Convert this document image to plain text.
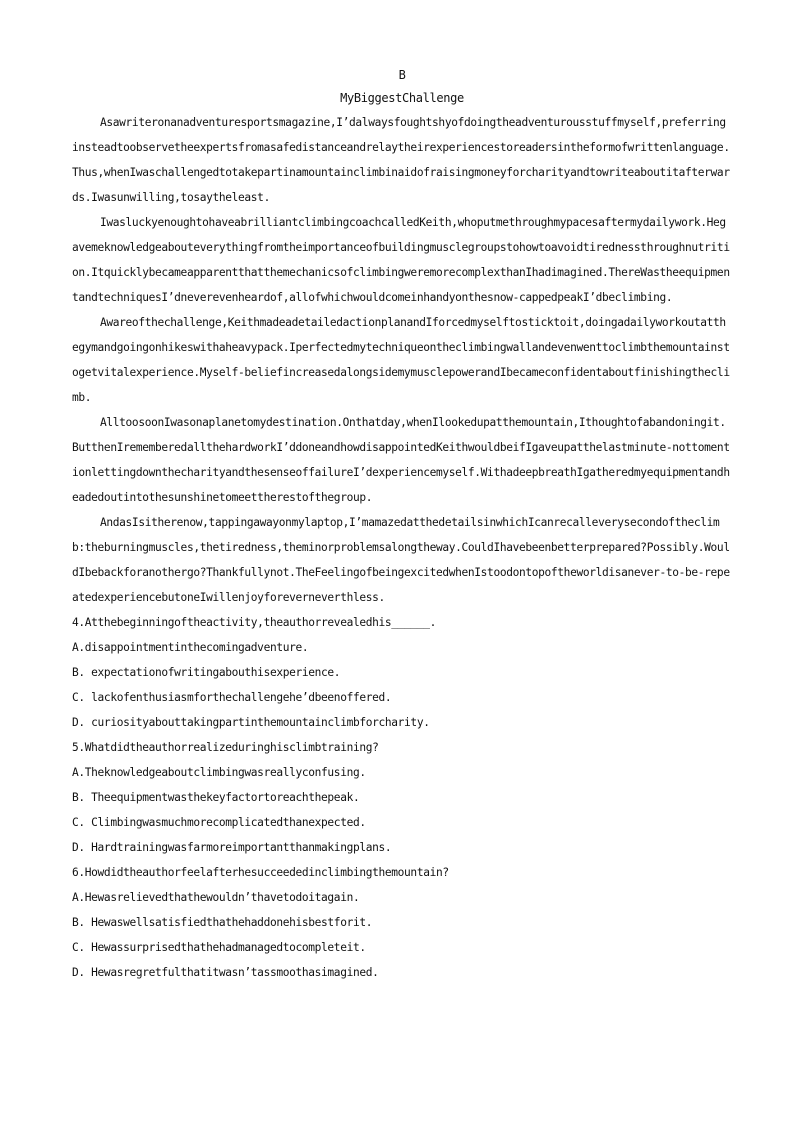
B
MyBiggestChallenge

Asawriteronanadventuresportsmagazine,I’dalwaysfoughtshyofdoingtheadventurousstuffmyself,preferringinsteadtoobservetheexpertsfromasafedistanceandrelaytheirexperiencestoreadersintheformofwrittenlanguage.Thus,whenIwaschallengedtotakepartinamountainclimbinaidofraisingmoneyforcharityandtowriteaboutitafterwards.Iwasunwilling,tosaytheleast.

IwasluckyenoughtohaveabrilliantclimbingcoachcalledKeith,whoputmethroughmypacesaftermydailywork.Hegavemeknowledgeabouteverythingfromtheimportanceofbuildingmusclegroupstohowtoavoidtirednessthroughnutrition.ItquicklybecameapparentthatthemechanicsofclimbingweremorecomplexthanIhadimagined.ThereWastheequipmentandtechniquesI’dneverevenheardof,allofwhichwouldcomeinhandyonthesnow-cappedpeakI’dbeclimbing.

Awareofthechallenge,KeithmadeadetailedactionplanandIforcedmyselftosticktoit,doingadailyworkoutatthegymandgoingonhikeswithaheavypack.Iperfectedmytechniqueontheclimbingwallandevenwenttoclimbthemountainstogetvitalexperience.Myself-beliefincreasedalongsidemymusclepowerandIbecameconfidentaboutfinishingtheclimb.

AlltoosoonIwasonaplanetomydestination.Onthatday,whenIlookedupatthemountain,Ithoughtofabandoningit.ButthenIrememberedallthehardworkI’ddoneandhowdisappointedKeithwouldbeifIgaveupatthelastminute-nottomentionlettingdownthecharityandthesenseoffailureI’dexperiencemyself.WithadeepbreathIgatheredmyequipmentandheadedoutintothesunshinetomeettherestofthegroup.

AndasIsitherenow,tappingawayonmylaptop,I’mamazedatthedetailsinwhichIcanrecalleverysecondoftheclimb:theburningmuscles,thetiredness,theminorproblemsalongtheway.CouldIhavebeenbetterprepared?Possibly.WouldIbebackforanothergo?Thankfullynot.TheFeelingofbeingexcitedwhenIstoodontopoftheworldisanever-to-be-repeatedexperiencebutoneIwillenjoyforeverneverthless.

4.Atthebeginningoftheactivity,theauthorrevealedhis______.

A.disappointmentinthecomingadventure.

B. expectationofwritingabouthisexperience.

C. lackofenthusiasmforthechallengehe’dbeenoffered.

D. curiosityabouttakingpartinthemountainclimbforcharity.

5.Whatdidtheauthorrealizeduringhisclimbtraining?

A.Theknowledgeaboutclimbingwasreallyconfusing.

B. Theequipmentwasthekeyfactortoreachthepeak.

C. Climbingwasmuchmorecomplicatedthanexpected.

D. Hardtrainingwasfarmoreimportantthanmakingplans.

6.Howdidtheauthorfeelafterhesucceededinclimbingthemountain?

A.Hewasrelievedthathewouldn’thavetodoitagain.

B. Hewaswellsatisfiedthathehaddonehisbestforit.

C. Hewassurprisedthathehadmanagedtocompleteit.

D. Hewasregretfulthatitwasn’tassmoothasimagined.
